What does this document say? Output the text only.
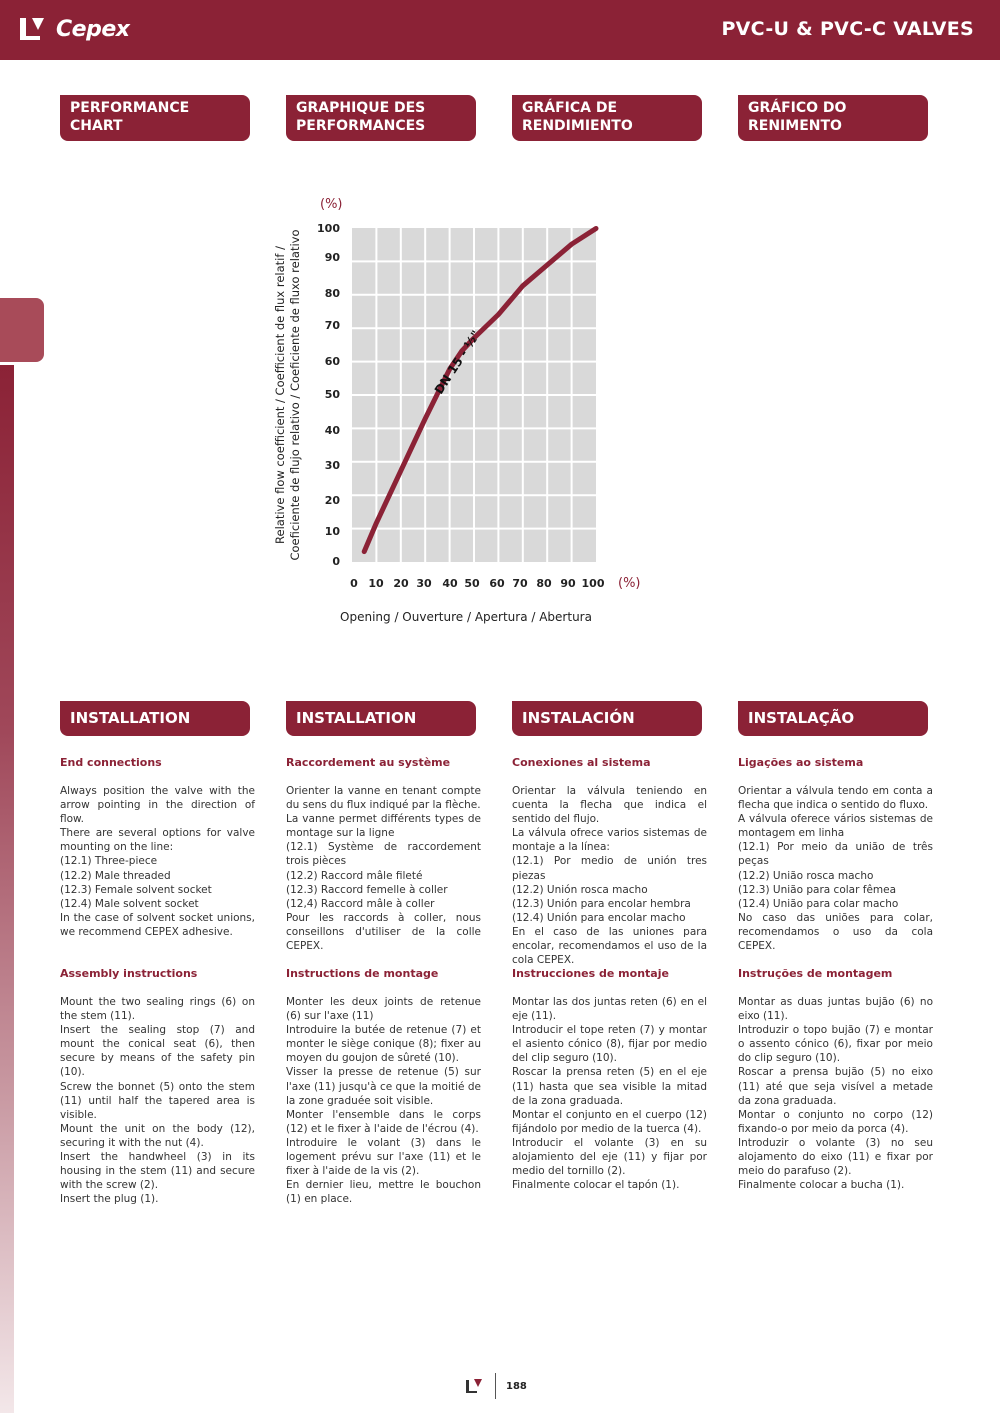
Cepex	PVC-U & PVC-C VALVES
PERFORMANCE
CHART
GRAPHIQUE DES
PERFORMANCES
GRÁFICA DE
RENDIMIENTO
GRÁFICO DO
RENIMENTO
0
10
20
30
40
50
60
70
80
90
100
0 10 20 30 40 50 60 70 80 90 100
(%)
(%)
Opening / Ouverture / Apertura / Abertura
Relative flow coefficient / Coefficient de flux relatif / Coeficiente de flujo relativo / Coeficiente de fluxo relativo	DN 15 - ½"
INSTALLATION	INSTALLATION	INSTALACIÓN	INSTALAÇÃO
End connections

Always position the valve with the arrow pointing in the direction of flow.
There are several options for valve mounting on the line:
(12.1) Three-piece
(12.2) Male threaded
(12.3) Female solvent socket
(12.4) Male solvent socket
In the case of solvent socket unions, we recommend CEPEX adhesive.

Assembly instructions

Mount the two sealing rings (6) on the stem (11).
Insert the sealing stop (7) and mount the conical seat (6), then secure by means of the safety pin (10).
Screw the bonnet (5) onto the stem (11) until half the tapered area is visible.
Mount the unit on the body (12), securing it with the nut (4).
Insert the handwheel (3) in its housing in the stem (11) and secure with the screw (2).
Insert the plug (1).

Raccordement au système

Orienter la vanne en tenant compte du sens du flux indiqué par la flèche.
La vanne permet différents types de montage sur la ligne
(12.1) Système de raccordement trois pièces
(12.2) Raccord mâle fileté
(12.3) Raccord femelle à coller
(12,4) Raccord mâle à coller
Pour les raccords à coller, nous conseillons d'utiliser de la colle CEPEX.

Instructions de montage

Monter les deux joints de retenue (6) sur l'axe (11)
Introduire la butée de retenue (7) et monter le siège conique (8); fixer au moyen du goujon de sûreté (10).
Visser la presse de retenue (5) sur l'axe (11) jusqu'à ce que la moitié de la zone graduée soit visible.
Monter l'ensemble dans le corps (12) et le fixer à l'aide de l'écrou (4).
Introduire le volant (3) dans le logement prévu sur l'axe (11) et le fixer à l'aide de la vis (2).
En dernier lieu, mettre le bouchon (1) en place.

Conexiones al sistema

Orientar la válvula teniendo en cuenta la flecha que indica el sentido del flujo.
La válvula ofrece varios sistemas de montaje a la línea:
(12.1) Por medio de unión tres piezas
(12.2) Unión rosca macho
(12.3) Unión para encolar hembra
(12.4) Unión para encolar macho
En el caso de las uniones para encolar, recomendamos el uso de la cola CEPEX.

Instrucciones de montaje

Montar las dos juntas reten (6) en el eje (11).
Introducir el tope reten (7) y montar el asiento cónico (8), fijar por medio del clip seguro (10).
Roscar la prensa reten (5) en el eje (11) hasta que sea visible la mitad de la zona graduada.
Montar el conjunto en el cuerpo (12) fijándolo por medio de la tuerca (4).
Introducir el volante (3) en su alojamiento del eje (11) y fijar por medio del tornillo (2).
Finalmente colocar el tapón (1).

Ligações ao sistema

Orientar a válvula tendo em conta a flecha que indica o sentido do fluxo.
A válvula oferece vários sistemas de montagem em linha
(12.1) Por meio da união de três peças
(12.2) União rosca macho
(12.3) União para colar fêmea
(12.4) União para colar macho
No caso das uniões para colar, recomendamos o uso da cola CEPEX.

Instruções de montagem

Montar as duas juntas bujão (6) no eixo (11).
Introduzir o topo bujão (7) e montar o assento cónico (6), fixar por meio do clip seguro (10).
Roscar a prensa bujão (5) no eixo (11) até que seja visível a metade da zona graduada.
Montar o conjunto no corpo (12) fixando-o por meio da porca (4).
Introduzir o volante (3) no seu alojamento do eixo (11) e fixar por meio do parafuso (2).
Finalmente colocar a bucha (1).

188
